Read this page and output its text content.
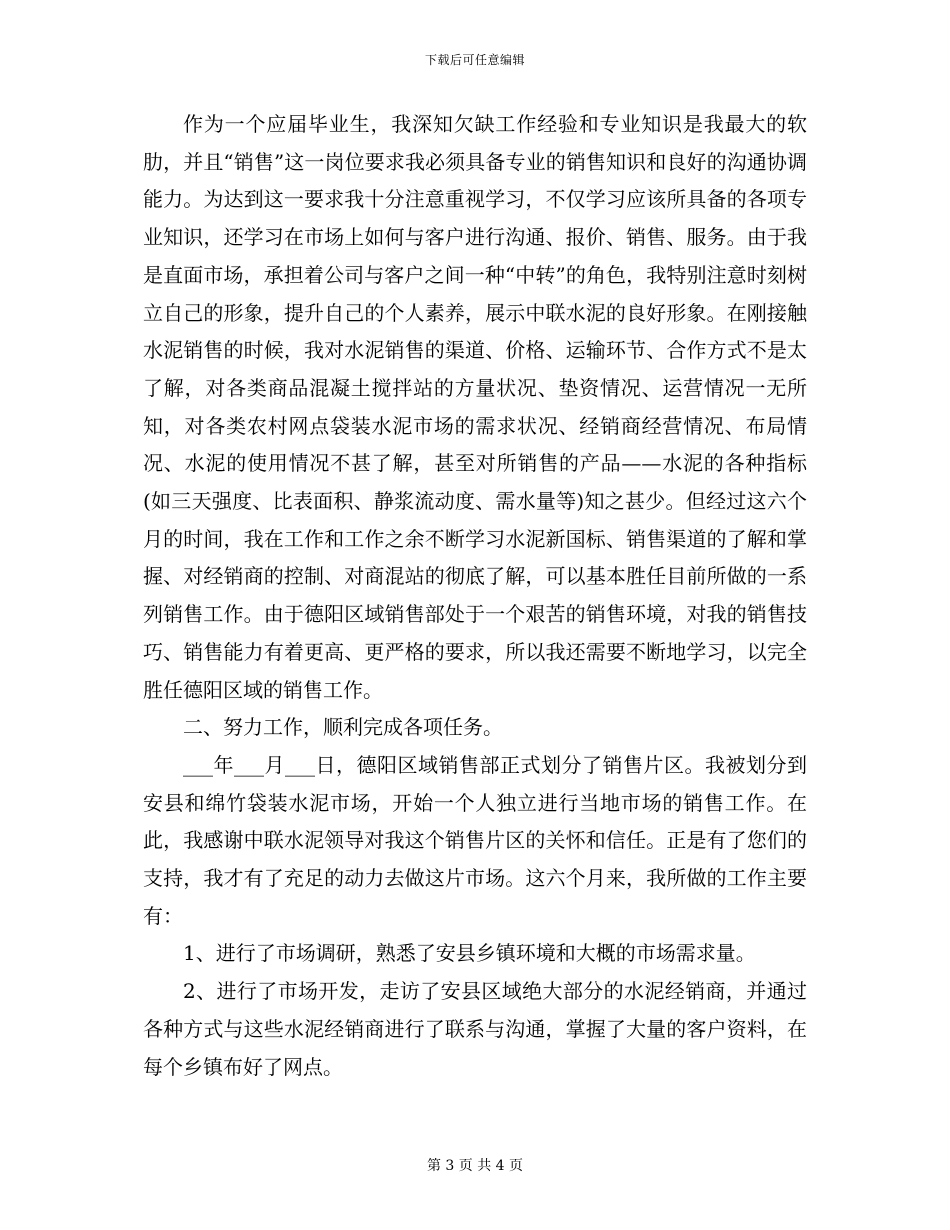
下载后可任意编辑

作为一个应届毕业生，我深知欠缺工作经验和专业知识是我最大的软肋，并且“销售”这一岗位要求我必须具备专业的销售知识和良好的沟通协调能力。为达到这一要求我十分注意重视学习，不仅学习应该所具备的各项专业知识，还学习在市场上如何与客户进行沟通、报价、销售、服务。由于我是直面市场，承担着公司与客户之间一种“中转”的角色，我特别注意时刻树立自己的形象，提升自己的个人素养，展示中联水泥的良好形象。在刚接触水泥销售的时候，我对水泥销售的渠道、价格、运输环节、合作方式不是太了解，对各类商品混凝土搅拌站的方量状况、垫资情况、运营情况一无所知，对各类农村网点袋装水泥市场的需求状况、经销商经营情况、布局情况、水泥的使用情况不甚了解，甚至对所销售的产品——水泥的各种指标(如三天强度、比表面积、静浆流动度、需水量等)知之甚少。但经过这六个月的时间，我在工作和工作之余不断学习水泥新国标、销售渠道的了解和掌握、对经销商的控制、对商混站的彻底了解，可以基本胜任目前所做的一系列销售工作。由于德阳区域销售部处于一个艰苦的销售环境，对我的销售技巧、销售能力有着更高、更严格的要求，所以我还需要不断地学习，以完全胜任德阳区域的销售工作。

二、努力工作，顺利完成各项任务。

___年___月___日，德阳区域销售部正式划分了销售片区。我被划分到安县和绵竹袋装水泥市场，开始一个人独立进行当地市场的销售工作。在此，我感谢中联水泥领导对我这个销售片区的关怀和信任。正是有了您们的支持，我才有了充足的动力去做这片市场。这六个月来，我所做的工作主要有：

1、进行了市场调研，熟悉了安县乡镇环境和大概的市场需求量。

2、进行了市场开发，走访了安县区域绝大部分的水泥经销商，并通过各种方式与这些水泥经销商进行了联系与沟通，掌握了大量的客户资料，在每个乡镇布好了网点。

第 3 页 共 4 页
